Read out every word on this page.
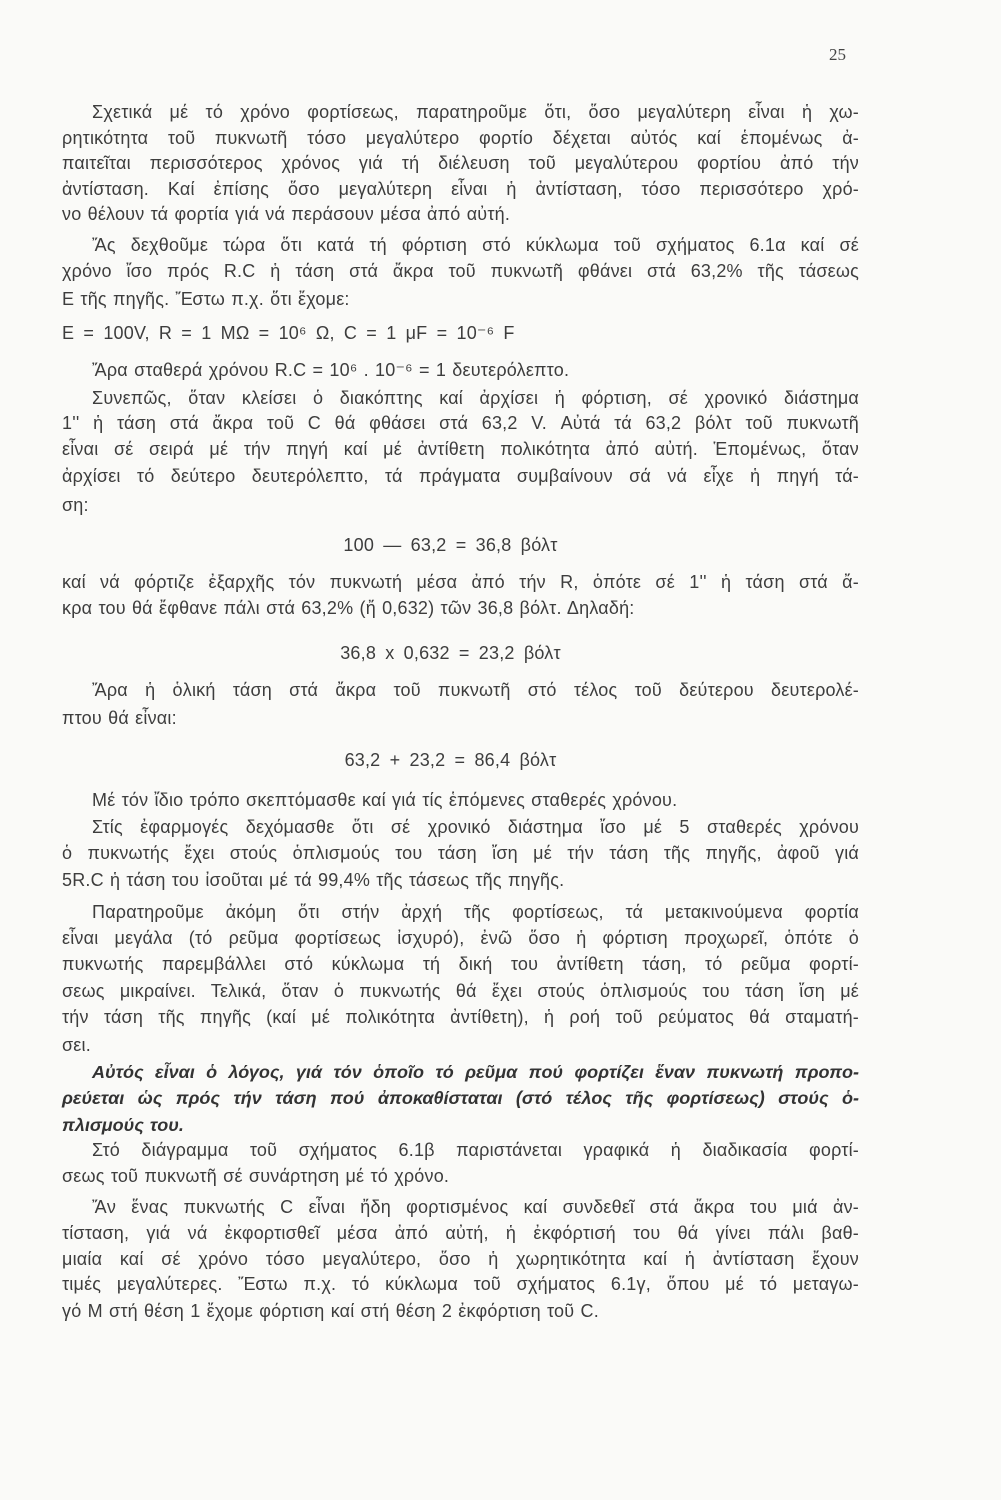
25
Σχετικά μέ τό χρόνο φορτίσεως, παρατηροῦμε ὅτι, ὅσο μεγαλύτερη εἶναι ἡ χω-
ρητικότητα τοῦ πυκνωτῆ τόσο μεγαλύτερο φορτίο δέχεται αὐτός καί ἑπομένως ἀ-
παιτεῖται περισσότερος χρόνος γιά τή διέλευση τοῦ μεγαλύτερου φορτίου ἀπό τήν
ἀντίσταση. Καί ἐπίσης ὅσο μεγαλύτερη εἶναι ἡ ἀντίσταση, τόσο περισσότερο χρό-
νο θέλουν τά φορτία γιά νά περάσουν μέσα ἀπό αὐτή.
Ἄς δεχθοῦμε τώρα ὅτι κατά τή φόρτιση στό κύκλωμα τοῦ σχήματος 6.1α καί σέ
χρόνο ἴσο πρός R.C ἡ τάση στά ἄκρα τοῦ πυκνωτῆ φθάνει στά 63,2% τῆς τάσεως
E τῆς πηγῆς. Ἔστω π.χ. ὅτι ἔχομε:
E = 100V, R = 1 MΩ = 10⁶ Ω, C = 1 μF = 10⁻⁶ F
Ἄρα σταθερά χρόνου R.C = 10⁶ . 10⁻⁶ = 1 δευτερόλεπτο.
Συνεπῶς, ὅταν κλείσει ὁ διακόπτης καί ἀρχίσει ἡ φόρτιση, σέ χρονικό διάστημα
1'' ἡ τάση στά ἄκρα τοῦ C θά φθάσει στά 63,2 V. Αὐτά τά 63,2 βόλτ τοῦ πυκνωτῆ
εἶναι σέ σειρά μέ τήν πηγή καί μέ ἀντίθετη πολικότητα ἀπό αὐτή. Ἑπομένως, ὅταν
ἀρχίσει τό δεύτερο δευτερόλεπτο, τά πράγματα συμβαίνουν σά νά εἶχε ἡ πηγή τά-
ση:
100 — 63,2 = 36,8 βόλτ
καί νά φόρτιζε ἐξαρχῆς τόν πυκνωτή μέσα ἀπό τήν R, ὁπότε σέ 1'' ἡ τάση στά ἄ-
κρα του θά ἔφθανε πάλι στά 63,2% (ἤ 0,632) τῶν 36,8 βόλτ. Δηλαδή:
36,8 x 0,632 = 23,2 βόλτ
Ἄρα ἡ ὁλική τάση στά ἄκρα τοῦ πυκνωτῆ στό τέλος τοῦ δεύτερου δευτερολέ-
πτου θά εἶναι:
63,2 + 23,2 = 86,4 βόλτ
Μέ τόν ἴδιο τρόπο σκεπτόμασθε καί γιά τίς ἑπόμενες σταθερές χρόνου.
Στίς ἐφαρμογές δεχόμασθε ὅτι σέ χρονικό διάστημα ἴσο μέ 5 σταθερές χρόνου
ὁ πυκνωτής ἔχει στούς ὁπλισμούς του τάση ἴση μέ τήν τάση τῆς πηγῆς, ἀφοῦ γιά
5R.C ἡ τάση του ἰσοῦται μέ τά 99,4% τῆς τάσεως τῆς πηγῆς.
Παρατηροῦμε ἀκόμη ὅτι στήν ἀρχή τῆς φορτίσεως, τά μετακινούμενα φορτία
εἶναι μεγάλα (τό ρεῦμα φορτίσεως ἰσχυρό), ἐνῶ ὅσο ἡ φόρτιση προχωρεῖ, ὁπότε ὁ
πυκνωτής παρεμβάλλει στό κύκλωμα τή δική του ἀντίθετη τάση, τό ρεῦμα φορτί-
σεως μικραίνει. Τελικά, ὅταν ὁ πυκνωτής θά ἔχει στούς ὁπλισμούς του τάση ἴση μέ
τήν τάση τῆς πηγῆς (καί μέ πολικότητα ἀντίθετη), ἡ ροή τοῦ ρεύματος θά σταματή-
σει.
Αὐτός εἶναι ὁ λόγος, γιά τόν ὁποῖο τό ρεῦμα πού φορτίζει ἕναν πυκνωτή προπο-
ρεύεται ὡς πρός τήν τάση πού ἀποκαθίσταται (στό τέλος τῆς φορτίσεως) στούς ὁ-
πλισμούς του.
Στό διάγραμμα τοῦ σχήματος 6.1β παριστάνεται γραφικά ἡ διαδικασία φορτί-
σεως τοῦ πυκνωτῆ σέ συνάρτηση μέ τό χρόνο.
Ἄν ἕνας πυκνωτής C εἶναι ἤδη φορτισμένος καί συνδεθεῖ στά ἄκρα του μιά ἀν-
τίσταση, γιά νά ἐκφορτισθεῖ μέσα ἀπό αὐτή, ἡ ἐκφόρτισή του θά γίνει πάλι βαθ-
μιαία καί σέ χρόνο τόσο μεγαλύτερο, ὅσο ἡ χωρητικότητα καί ἡ ἀντίσταση ἔχουν
τιμές μεγαλύτερες. Ἔστω π.χ. τό κύκλωμα τοῦ σχήματος 6.1γ, ὅπου μέ τό μεταγω-
γό M στή θέση 1 ἔχομε φόρτιση καί στή θέση 2 ἐκφόρτιση τοῦ C.
